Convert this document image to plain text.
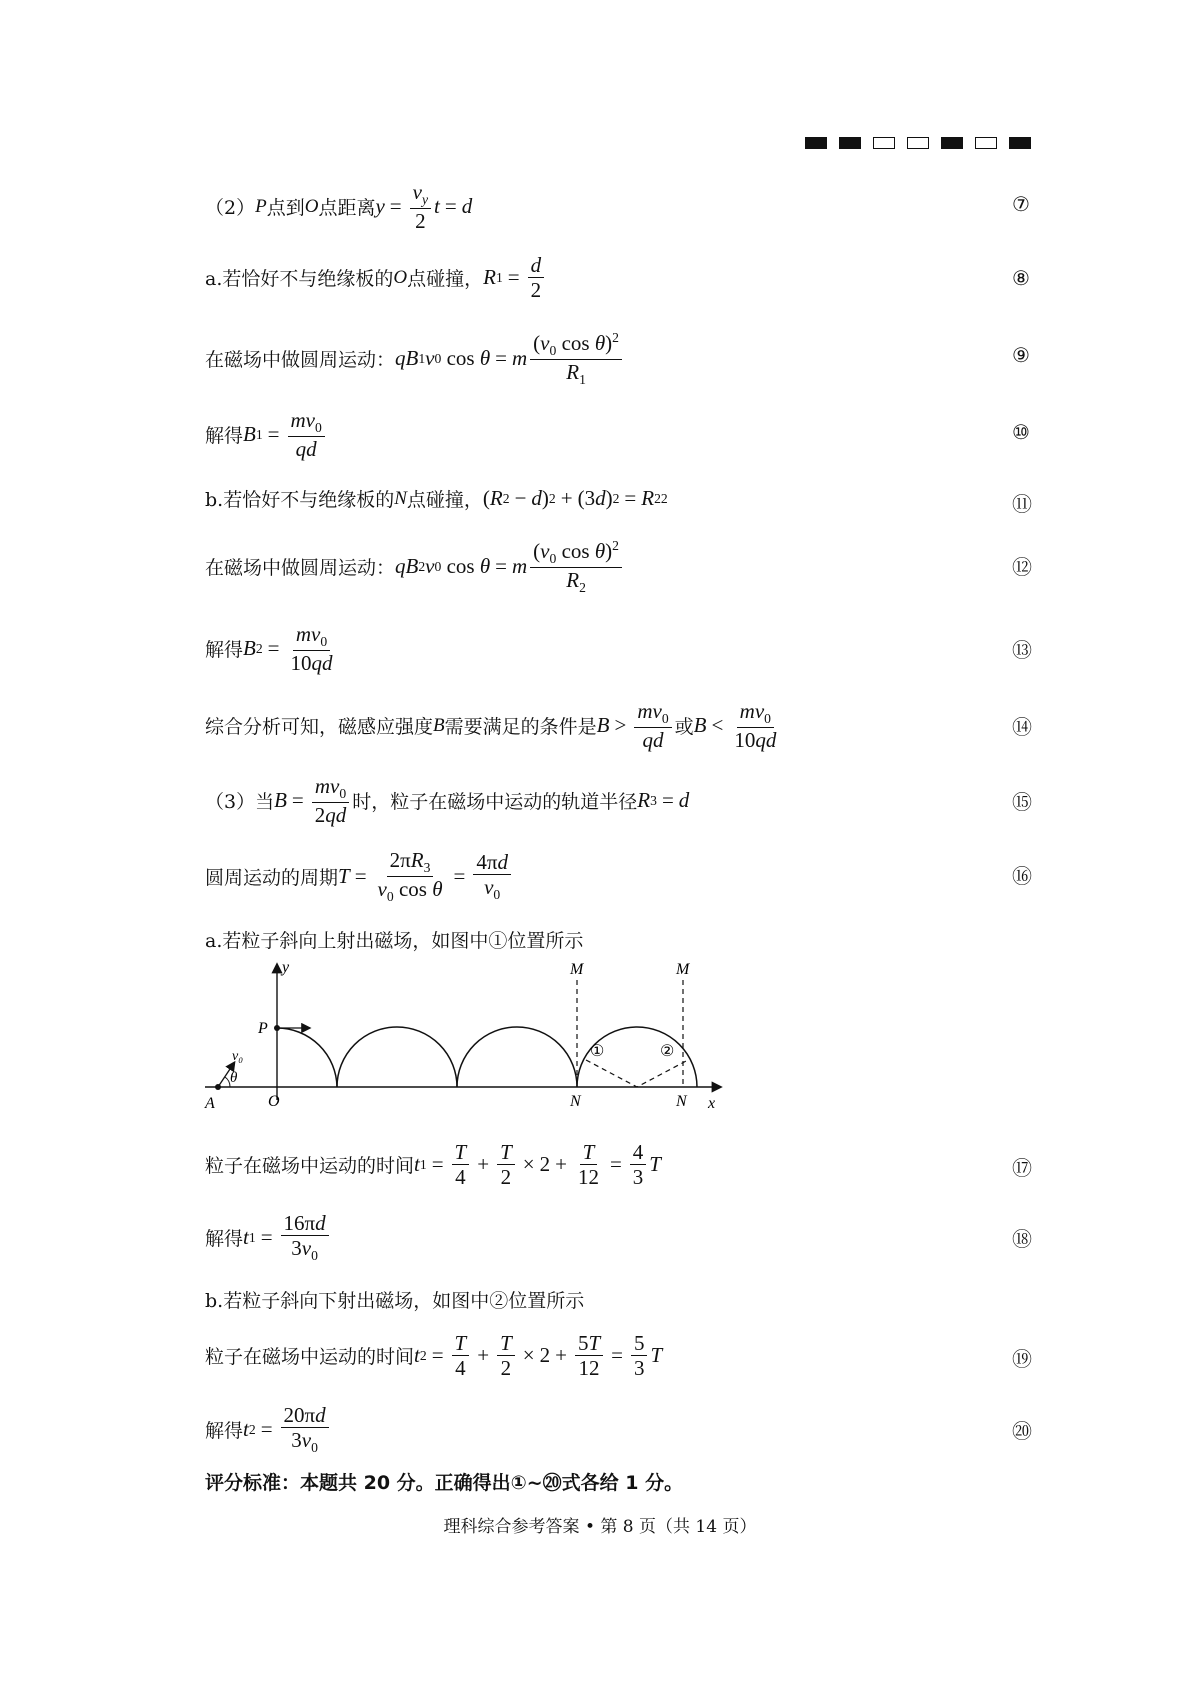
（2） P 点到 O 点距离 $y = \frac{v_y}{2}$ t = d	⑦
a.若恰好不与绝缘板的 O 点碰撞， R $1 = \frac{d}{2}$	⑧
在磁场中做圆周运动： qB 1 v 0 cos θ = m $\frac{(v_0 \cos \theta)^2}{R_1}$	⑨
解得 B $1 = \frac{mv_0}{qd}$	⑩
b.若恰好不与绝缘板的 N 点碰撞， ( R 2 − d ) 2 + (3 d ) 2 = R 2 2	⑪
在磁场中做圆周运动： qB 2 v 0 cos θ = m $\frac{(v_0 \cos \theta)^2}{R_2}$	⑫
解得 B $2 = \frac{mv_0}{10qd}$	⑬
综合分析可知，磁感应强度 B 需要满足的条件是 $B > \frac{mv_0}{qd}$ 或 $B < \frac{mv_0}{10qd}$	⑭
（3）当 $B = \frac{mv_0}{2qd}$ 时，粒子在磁场中运动的轨道半径 R 3 = d	⑮
圆周运动的周期 $T = \frac{2\pi R_3}{v_0 \cos \theta} = \frac{4\pi d}{v_0}$	⑯
a.若粒子斜向上射出磁场，如图中①位置所示
y
x
P
O
A
v₀
θ
M	M
N	N
①	②
粒子在磁场中运动的时间 t $1 = \frac{T}{4} + \frac{T}{2} \times 2 + \frac{T}{12} = \frac{4}{3}$ T	⑰
解得 t $1 = \frac{16\pi d}{3v_0}$	⑱
b.若粒子斜向下射出磁场，如图中②位置所示
粒子在磁场中运动的时间 t $2 = \frac{T}{4} + \frac{T}{2} \times 2 + \frac{5T}{12} = \frac{5}{3}$ T	⑲
解得 t $2 = \frac{20\pi d}{3v_0}$	⑳
评分标准：本题共 20 分。正确得出①~⑳式各给 1 分。
理科综合参考答案 • 第 8 页（共 14 页）
